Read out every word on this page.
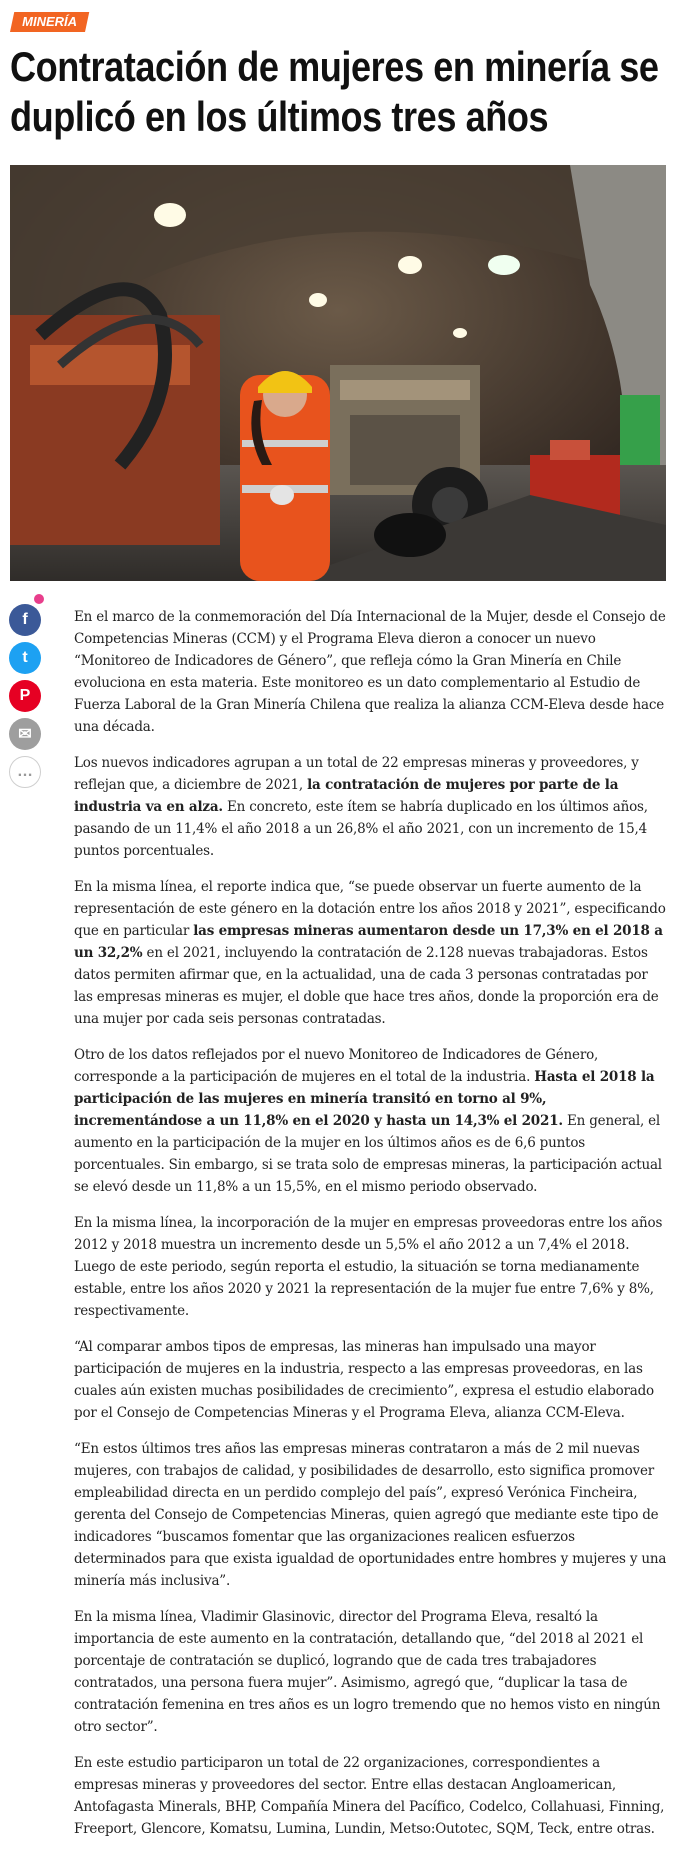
MINERÍA
Contratación de mujeres en minería se duplicó en los últimos tres años
f
t
P
✉
…

En el marco de la conmemoración del Día Internacional de la Mujer, desde el Consejo de Competencias Mineras (CCM) y el Programa Eleva dieron a conocer un nuevo “Monitoreo de Indicadores de Género”, que refleja cómo la Gran Minería en Chile evoluciona en esta materia. Este monitoreo es un dato complementario al Estudio de Fuerza Laboral de la Gran Minería Chilena que realiza la alianza CCM-Eleva desde hace una década.

Los nuevos indicadores agrupan a un total de 22 empresas mineras y proveedores, y reflejan que, a diciembre de 2021, la contratación de mujeres por parte de la industria va en alza. En concreto, este ítem se habría duplicado en los últimos años, pasando de un 11,4% el año 2018 a un 26,8% el año 2021, con un incremento de 15,4 puntos porcentuales.

En la misma línea, el reporte indica que, “se puede observar un fuerte aumento de la representación de este género en la dotación entre los años 2018 y 2021”, especificando que en particular las empresas mineras aumentaron desde un 17,3% en el 2018 a un 32,2% en el 2021, incluyendo la contratación de 2.128 nuevas trabajadoras. Estos datos permiten afirmar que, en la actualidad, una de cada 3 personas contratadas por las empresas mineras es mujer, el doble que hace tres años, donde la proporción era de una mujer por cada seis personas contratadas.

Otro de los datos reflejados por el nuevo Monitoreo de Indicadores de Género, corresponde a la participación de mujeres en el total de la industria. Hasta el 2018 la participación de las mujeres en minería transitó en torno al 9%, incrementándose a un 11,8% en el 2020 y hasta un 14,3% el 2021. En general, el aumento en la participación de la mujer en los últimos años es de 6,6 puntos porcentuales. Sin embargo, si se trata solo de empresas mineras, la participación actual se elevó desde un 11,8% a un 15,5%, en el mismo periodo observado.

En la misma línea, la incorporación de la mujer en empresas proveedoras entre los años 2012 y 2018 muestra un incremento desde un 5,5% el año 2012 a un 7,4% el 2018. Luego de este periodo, según reporta el estudio, la situación se torna medianamente estable, entre los años 2020 y 2021 la representación de la mujer fue entre 7,6% y 8%, respectivamente.

“Al comparar ambos tipos de empresas, las mineras han impulsado una mayor participación de mujeres en la industria, respecto a las empresas proveedoras, en las cuales aún existen muchas posibilidades de crecimiento”, expresa el estudio elaborado por el Consejo de Competencias Mineras y el Programa Eleva, alianza CCM-Eleva.

“En estos últimos tres años las empresas mineras contrataron a más de 2 mil nuevas mujeres, con trabajos de calidad, y posibilidades de desarrollo, esto significa promover empleabilidad directa en un perdido complejo del país”, expresó Verónica Fincheira, gerenta del Consejo de Competencias Mineras, quien agregó que mediante este tipo de indicadores “buscamos fomentar que las organizaciones realicen esfuerzos determinados para que exista igualdad de oportunidades entre hombres y mujeres y una minería más inclusiva”.

En la misma línea, Vladimir Glasinovic, director del Programa Eleva, resaltó la importancia de este aumento en la contratación, detallando que, “del 2018 al 2021 el porcentaje de contratación se duplicó, logrando que de cada tres trabajadores contratados, una persona fuera mujer”. Asimismo, agregó que, “duplicar la tasa de contratación femenina en tres años es un logro tremendo que no hemos visto en ningún otro sector”.

En este estudio participaron un total de 22 organizaciones, correspondientes a empresas mineras y proveedores del sector. Entre ellas destacan Angloamerican, Antofagasta Minerals, BHP, Compañía Minera del Pacífico, Codelco, Collahuasi, Finning, Freeport, Glencore, Komatsu, Lumina, Lundin, Metso:Outotec, SQM, Teck, entre otras.
